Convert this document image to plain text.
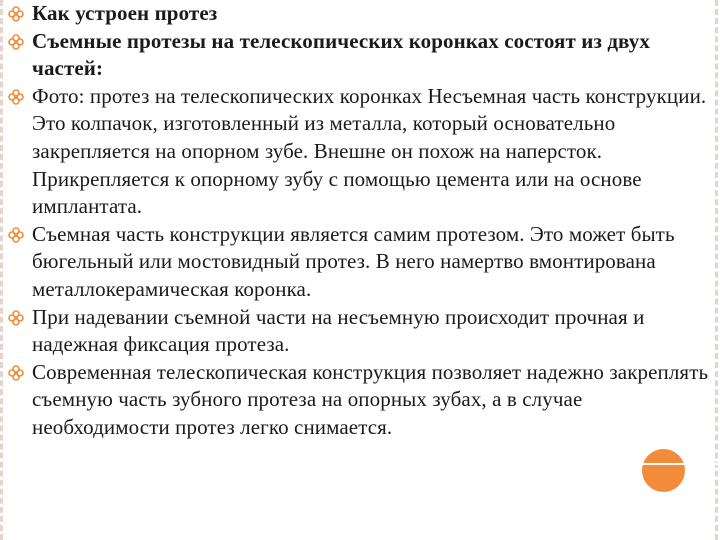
Как устроен протез
Съемные протезы на телескопических коронках состоят из двух частей:
Фото: протез на телескопических коронках Несъемная часть конструкции. Это колпачок, изготовленный из металла, который основательно закрепляется на опорном зубе. Внешне он похож на наперсток. Прикрепляется к опорному зубу с помощью цемента или на основе имплантата.
Съемная часть конструкции является самим протезом. Это может быть бюгельный или мостовидный протез. В него намертво вмонтирована металлокерамическая коронка.
При надевании съемной части на несъемную происходит прочная и надежная фиксация протеза.
Современная телескопическая конструкция позволяет надежно закреплять съемную часть зубного протеза на опорных зубах, а в случае необходимости протез легко снимается.
